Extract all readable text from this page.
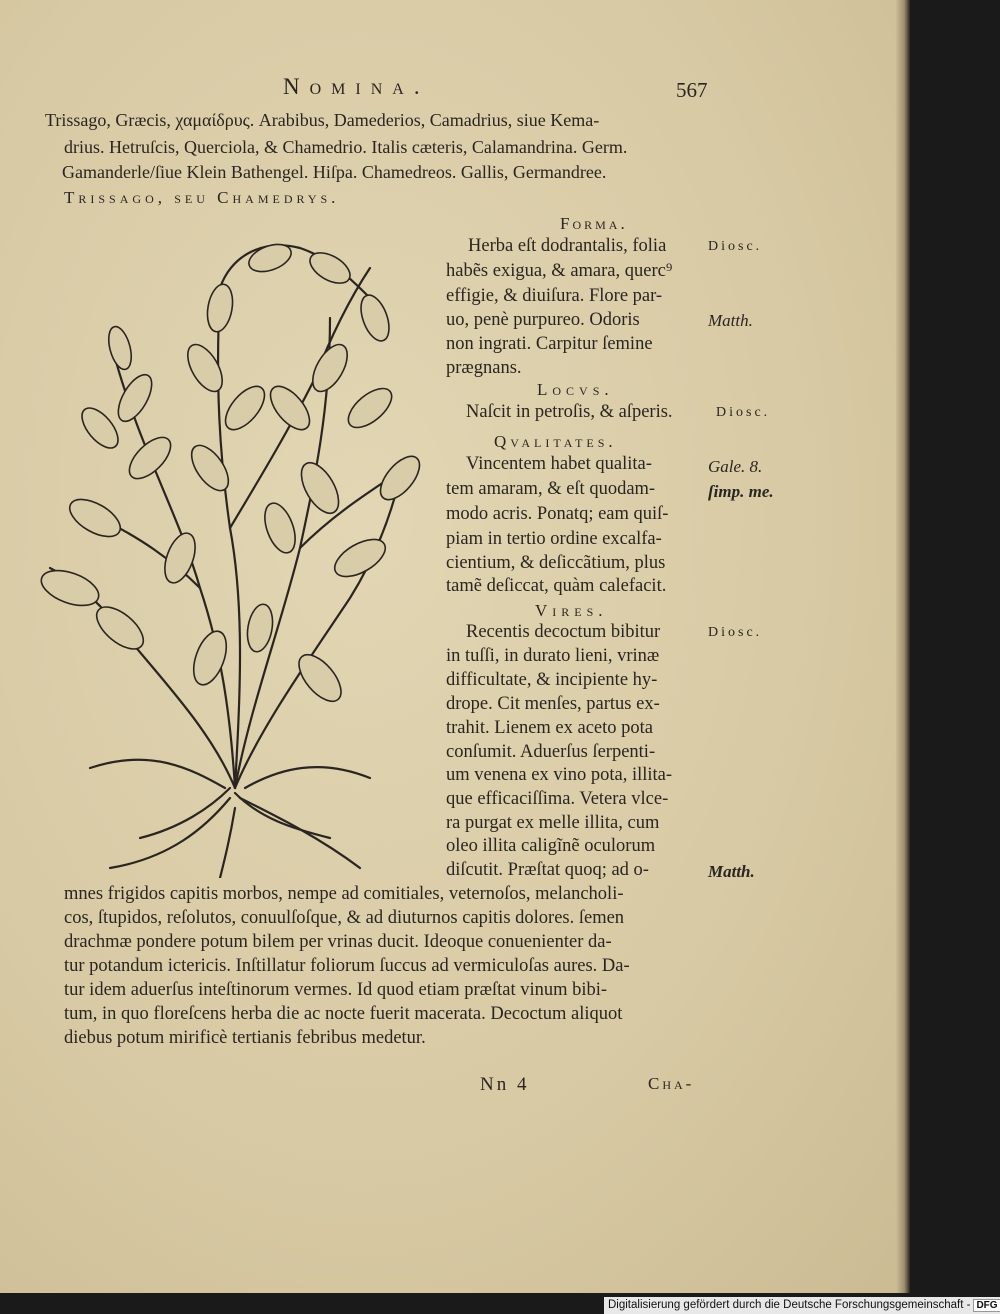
Nomina.	567
Trissago, Græcis, χαμαίδρυς. Arabibus, Damederios, Camadrius, siue Kema-
drius. Hetruſcis, Querciola, & Chamedrio. Italis cæteris, Calamandrina. Germ.
Gamanderle/ſiue Klein Bathengel. Hiſpa. Chamedreos. Gallis, Germandree.
Trissago, seu Chamedrys.
Forma.
Herba eſt dodrantalis, folia
habẽs exigua, & amara, querc⁹
effigie, & diuiſura. Flore par-
uo, penè purpureo. Odoris
non ingrati. Carpitur ſemine
prægnans.
Diosc.
Matth.
Locvs.
Naſcit in petroſis, & aſperis.	Diosc.
Qvalitates.
Vincentem habet qualita-
tem amaram, & eſt quodam-
modo acris. Ponatq; eam quiſ-
piam in tertio ordine excalfa-
cientium, & deſiccãtium, plus
tamẽ deſiccat, quàm calefacit.
Gale. 8.
ſimp. me.
Vires.
Recentis decoctum bibitur
in tuſſi, in durato lieni, vrinæ
difficultate, & incipiente hy-
drope. Cit menſes, partus ex-
trahit. Lienem ex aceto pota
conſumit. Aduerſus ſerpenti-
um venena ex vino pota, illita-
que efficaciſſima. Vetera vlce-
ra purgat ex melle illita, cum
oleo illita caligĩnẽ oculorum
diſcutit. Præſtat quoq; ad o-
Diosc.
Matth.
mnes frigidos capitis morbos, nempe ad comitiales, veternoſos, melancholi-
cos, ſtupidos, reſolutos, conuulſoſque, & ad diuturnos capitis dolores. ſemen
drachmæ pondere potum bilem per vrinas ducit. Ideoque conuenienter da-
tur potandum ictericis. Inſtillatur foliorum ſuccus ad vermiculoſas aures. Da-
tur idem aduerſus inteſtinorum vermes. Id quod etiam præſtat vinum bibi-
tum, in quo floreſcens herba die ac nocte fuerit macerata. Decoctum aliquot
diebus potum mirificè tertianis febribus medetur.
Nn 4	Cha-
Digitalisierung gefördert durch die Deutsche Forschungsgemeinschaft - DFG
